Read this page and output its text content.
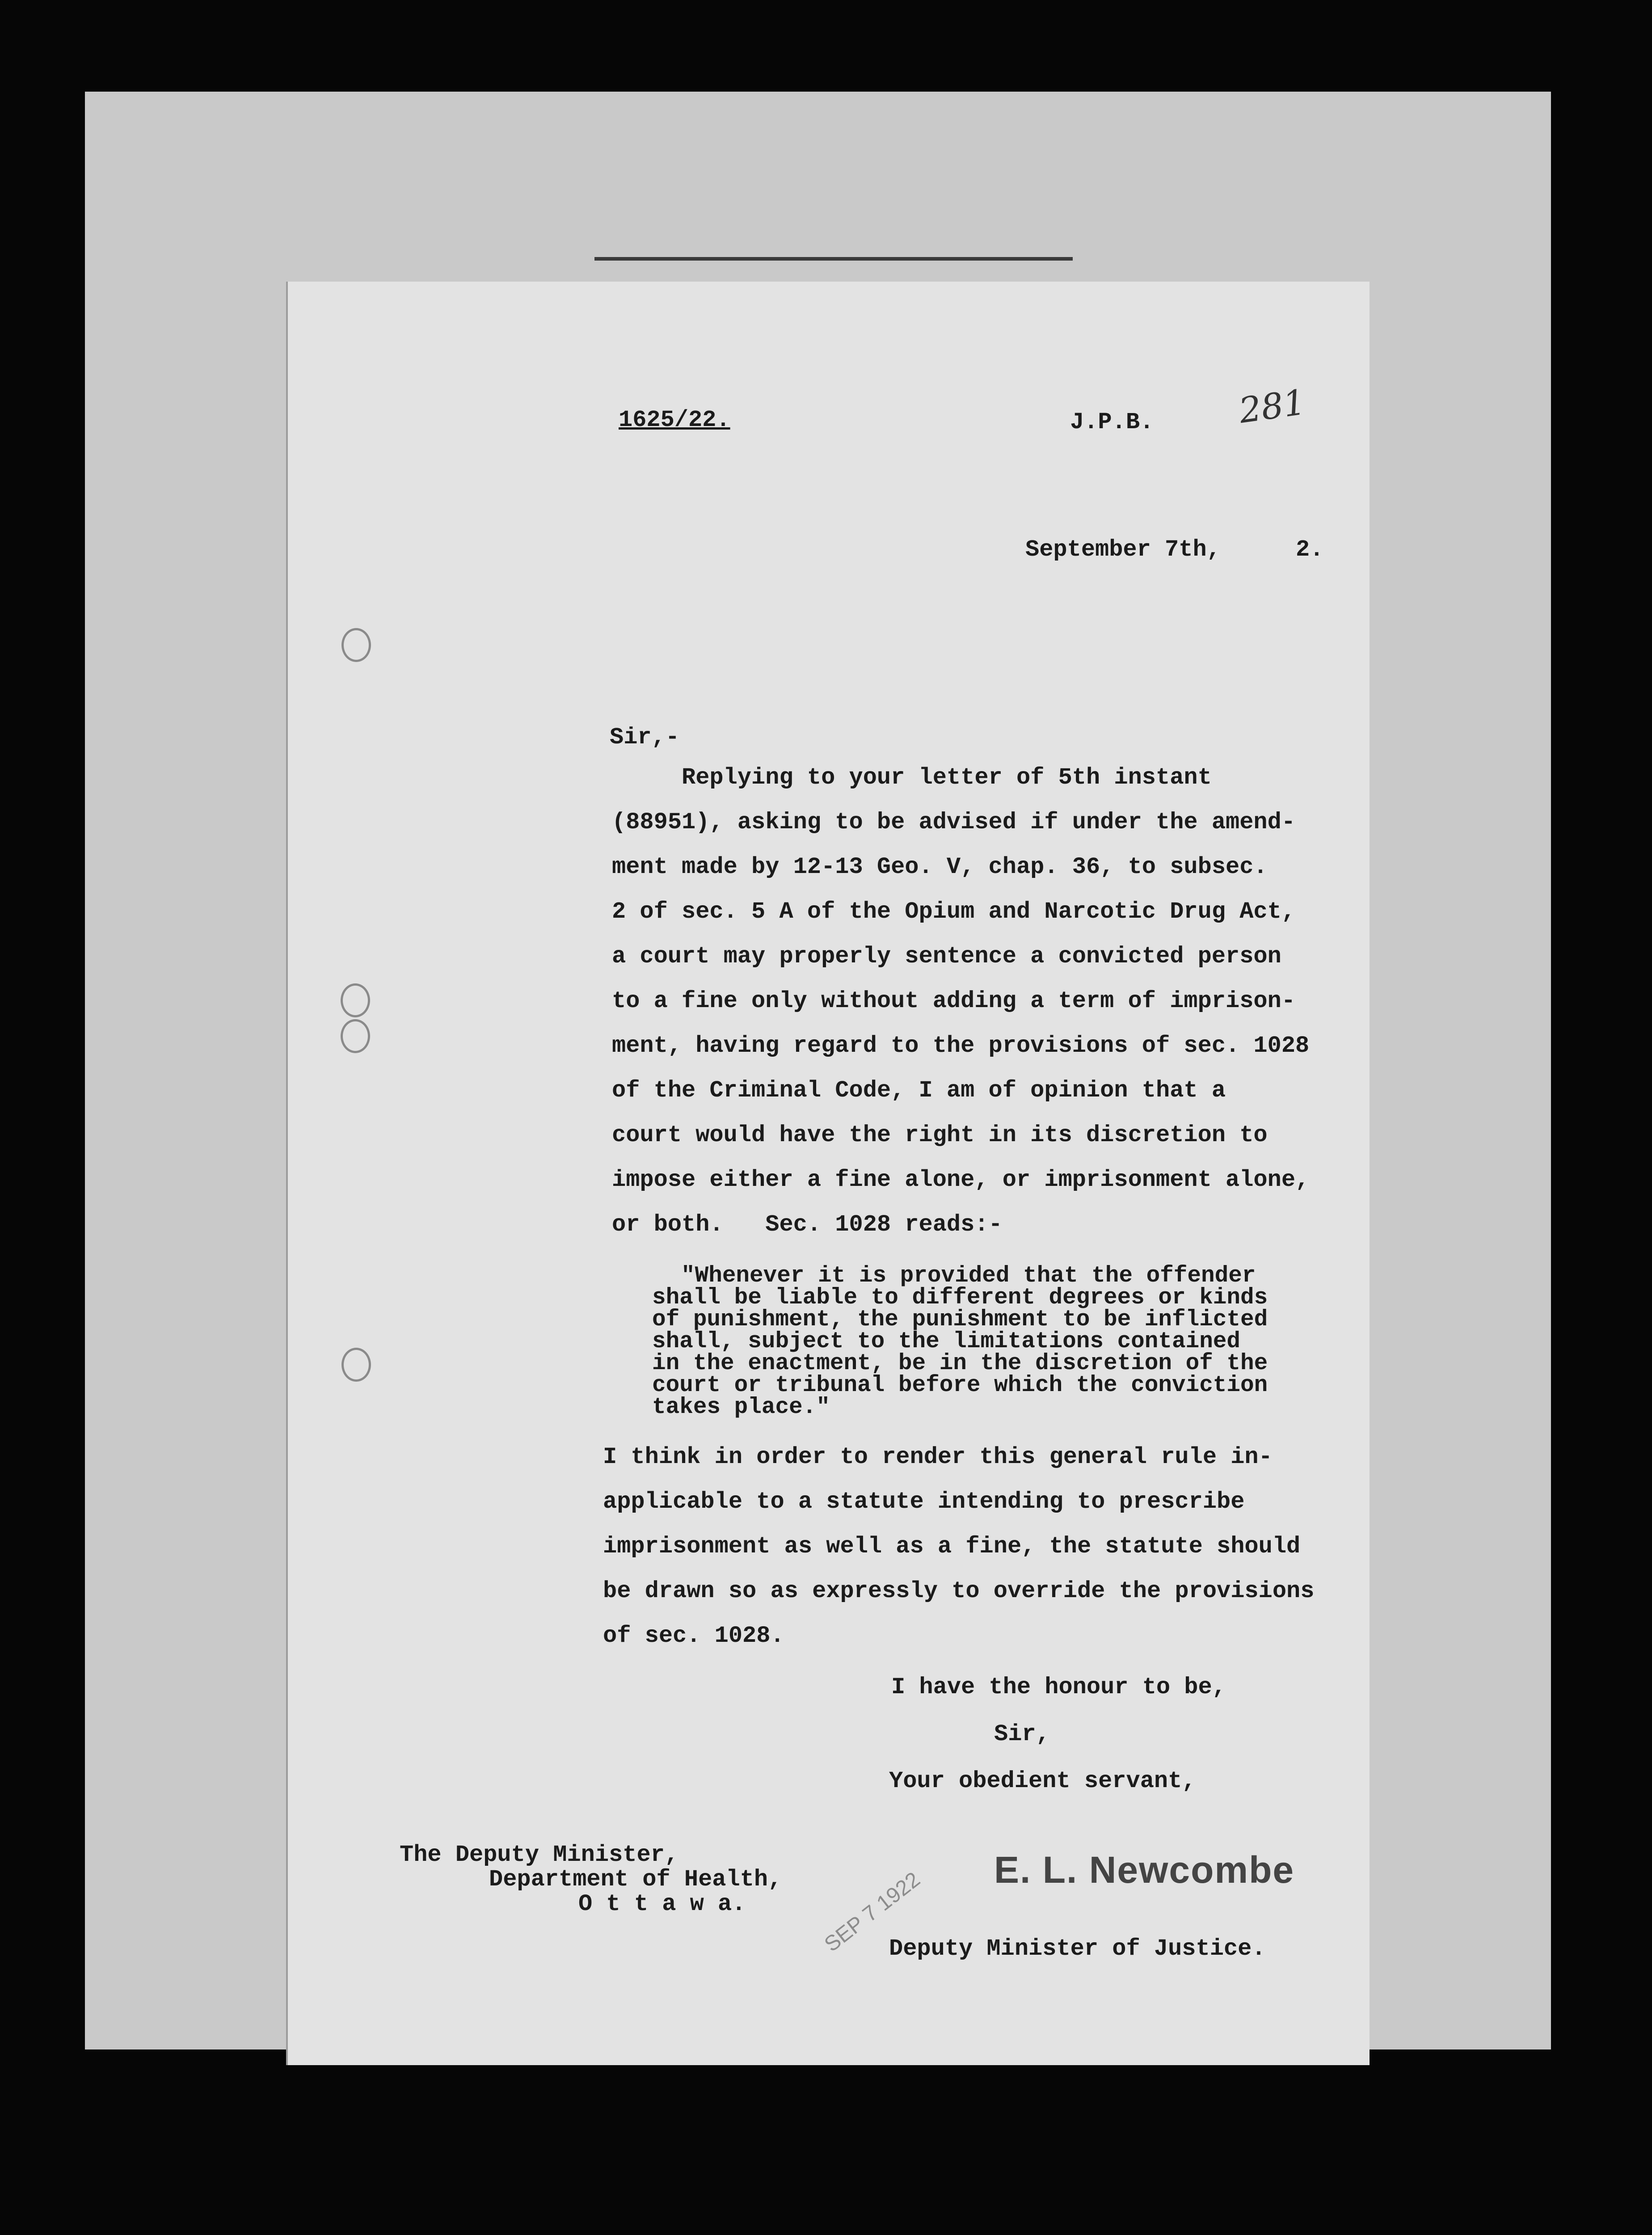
1625/22.	J.P.B. 281
September 7th,	2.
Sir,-
Replying to your letter of 5th instant
(88951), asking to be advised if under the amend-
ment made by 12-13 Geo. V, chap. 36, to subsec.
2 of sec. 5 A of the Opium and Narcotic Drug Act,
a court may properly sentence a convicted person
to a fine only without adding a term of imprison-
ment, having regard to the provisions of sec. 1028
of the Criminal Code, I am of opinion that a
court would have the right in its discretion to
impose either a fine alone, or imprisonment alone,
or both.   Sec. 1028 reads:-
"Whenever it is provided that the offender
shall be liable to different degrees or kinds
of punishment, the punishment to be inflicted
shall, subject to the limitations contained
in the enactment, be in the discretion of the
court or tribunal before which the conviction
takes place."
I think in order to render this general rule in-
applicable to a statute intending to prescribe
imprisonment as well as a fine, the statute should
be drawn so as expressly to override the provisions
of sec. 1028.
I have the honour to be,
Sir,
Your obedient servant,
The Deputy Minister,
Department of Health,
O t t a w a.	SEP 7 1922 E. L. Newcombe
Deputy Minister of Justice.
